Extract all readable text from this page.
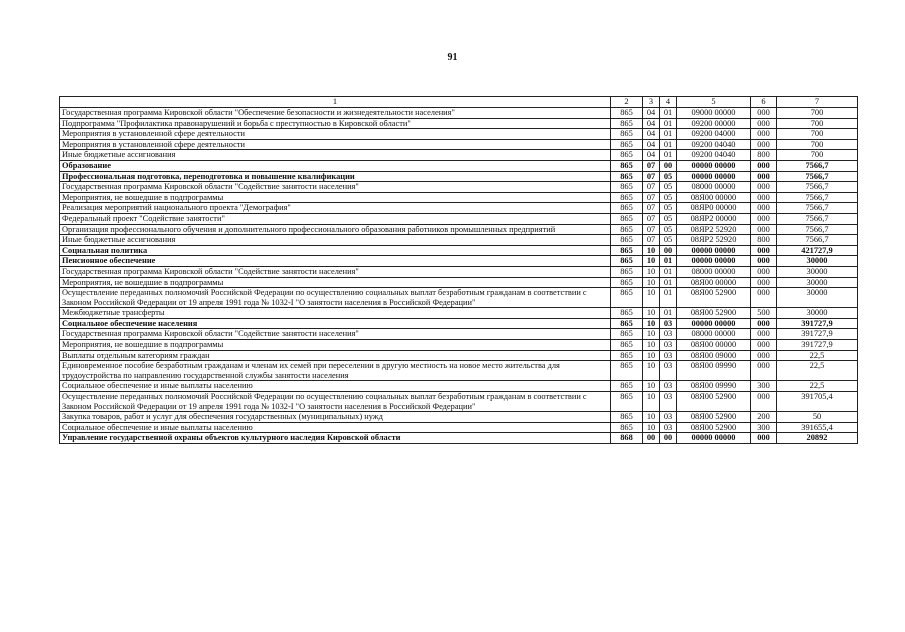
91
1	2	3	4	5	6	7
Государственная программа Кировской области "Обеспечение безопасности и жизнедеятельности населения"	865	04	01	09000 00000	000	700
Подпрограмма "Профилактика правонарушений и борьба с преступностью в Кировской области"	865	04	01	09200 00000	000	700
Мероприятия в установленной сфере деятельности	865	04	01	09200 04000	000	700
Мероприятия в установленной сфере деятельности	865	04	01	09200 04040	000	700
Иные бюджетные ассигнования	865	04	01	09200 04040	800	700
Образование	865	07	00	00000 00000	000	7566,7
Профессиональная подготовка, переподготовка и повышение квалификации	865	07	05	00000 00000	000	7566,7
Государственная программа Кировской области "Содействие занятости населения"	865	07	05	08000 00000	000	7566,7
Мероприятия, не вошедшие в подпрограммы	865	07	05	08Я00 00000	000	7566,7
Реализация мероприятий национального проекта "Демография"	865	07	05	08ЯР0 00000	000	7566,7
Федеральный проект "Содействие занятости"	865	07	05	08ЯР2 00000	000	7566,7
Организация профессионального обучения и дополнительного профессионального образования работников промышленных предприятий	865	07	05	08ЯР2 52920	000	7566,7
Иные бюджетные ассигнования	865	07	05	08ЯР2 52920	800	7566,7
Социальная политика	865	10	00	00000 00000	000	421727,9
Пенсионное обеспечение	865	10	01	00000 00000	000	30000
Государственная программа Кировской области "Содействие занятости населения"	865	10	01	08000 00000	000	30000
Мероприятия, не вошедшие в подпрограммы	865	10	01	08Я00 00000	000	30000
Осуществление переданных полномочий Российской Федерации по осуществлению социальных выплат безработным гражданам в соответствии с Законом Российской Федерации от 19 апреля 1991 года № 1032-I "О занятости населения в Российской Федерации"	865	10	01	08Я00 52900	000	30000
Межбюджетные трансферты	865	10	01	08Я00 52900	500	30000
Социальное обеспечение населения	865	10	03	00000 00000	000	391727,9
Государственная программа Кировской области "Содействие занятости населения"	865	10	03	08000 00000	000	391727,9
Мероприятия, не вошедшие в подпрограммы	865	10	03	08Я00 00000	000	391727,9
Выплаты отдельным категориям граждан	865	10	03	08Я00 09000	000	22,5
Единовременное пособие безработным гражданам и членам их семей при переселении в другую местность на новое место жительства для трудоустройства по направлению государственной службы занятости населения	865	10	03	08Я00 09990	000	22,5
Социальное обеспечение и иные выплаты населению	865	10	03	08Я00 09990	300	22,5
Осуществление переданных полномочий Российской Федерации по осуществлению социальных выплат безработным гражданам в соответствии с Законом Российской Федерации от 19 апреля 1991 года № 1032-I "О занятости населения в Российской Федерации"	865	10	03	08Я00 52900	000	391705,4
Закупка товаров, работ и услуг для обеспечения государственных (муниципальных) нужд	865	10	03	08Я00 52900	200	50
Социальное обеспечение и иные выплаты населению	865	10	03	08Я00 52900	300	391655,4
Управление государственной охраны объектов культурного наследия Кировской области	868	00	00	00000 00000	000	20892
